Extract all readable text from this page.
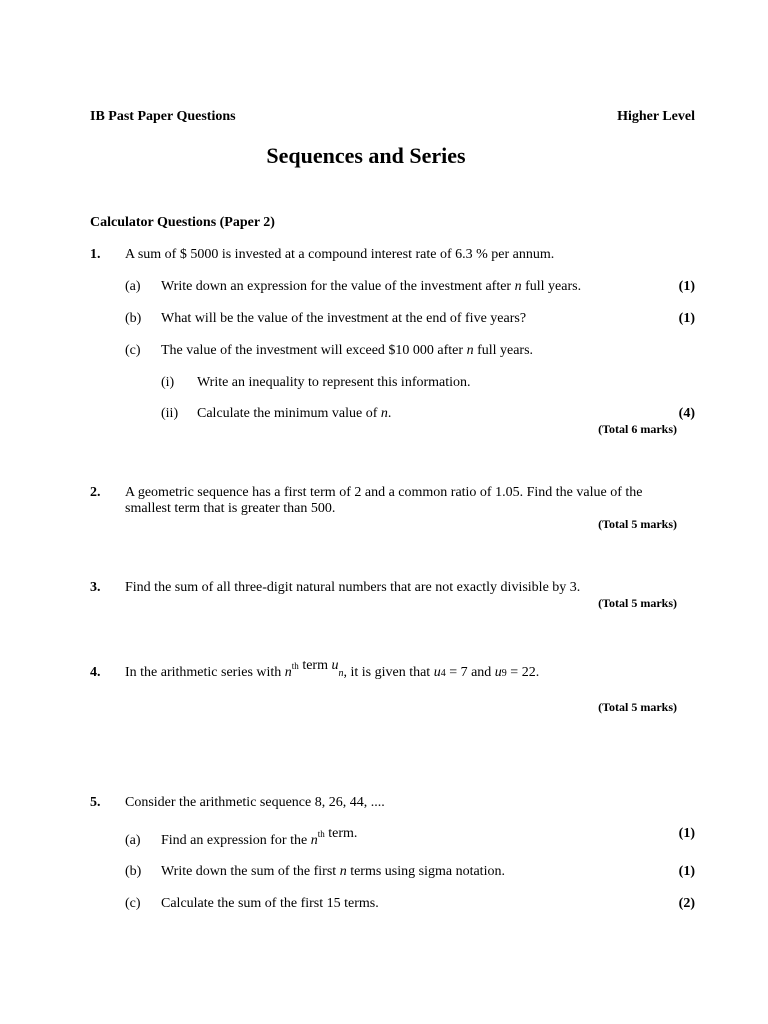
IB Past Paper Questions	Higher Level
Sequences and Series
Calculator Questions (Paper 2)
1. A sum of $ 5000 is invested at a compound interest rate of 6.3 % per annum.
(a) Write down an expression for the value of the investment after n full years.	(1)
(b) What will be the value of the investment at the end of five years?	(1)
(c) The value of the investment will exceed $10 000 after n full years.
(i) Write an inequality to represent this information.
(ii) Calculate the minimum value of n.	(4)
(Total 6 marks)
2. A geometric sequence has a first term of 2 and a common ratio of 1.05. Find the value of the
smallest term that is greater than 500.
(Total 5 marks)
3. Find the sum of all three-digit natural numbers that are not exactly divisible by 3.
(Total 5 marks)
4. In the arithmetic series with $n^{th}$ term un, it is given that u4 = 7 and u9 = 22.
(Total 5 marks)
5. Consider the arithmetic sequence 8, 26, 44, ....
(a) Find an expression for the $n^{th}$ term.	(1)
(b) Write down the sum of the first n terms using sigma notation.	(1)
(c) Calculate the sum of the first 15 terms.	(2)
